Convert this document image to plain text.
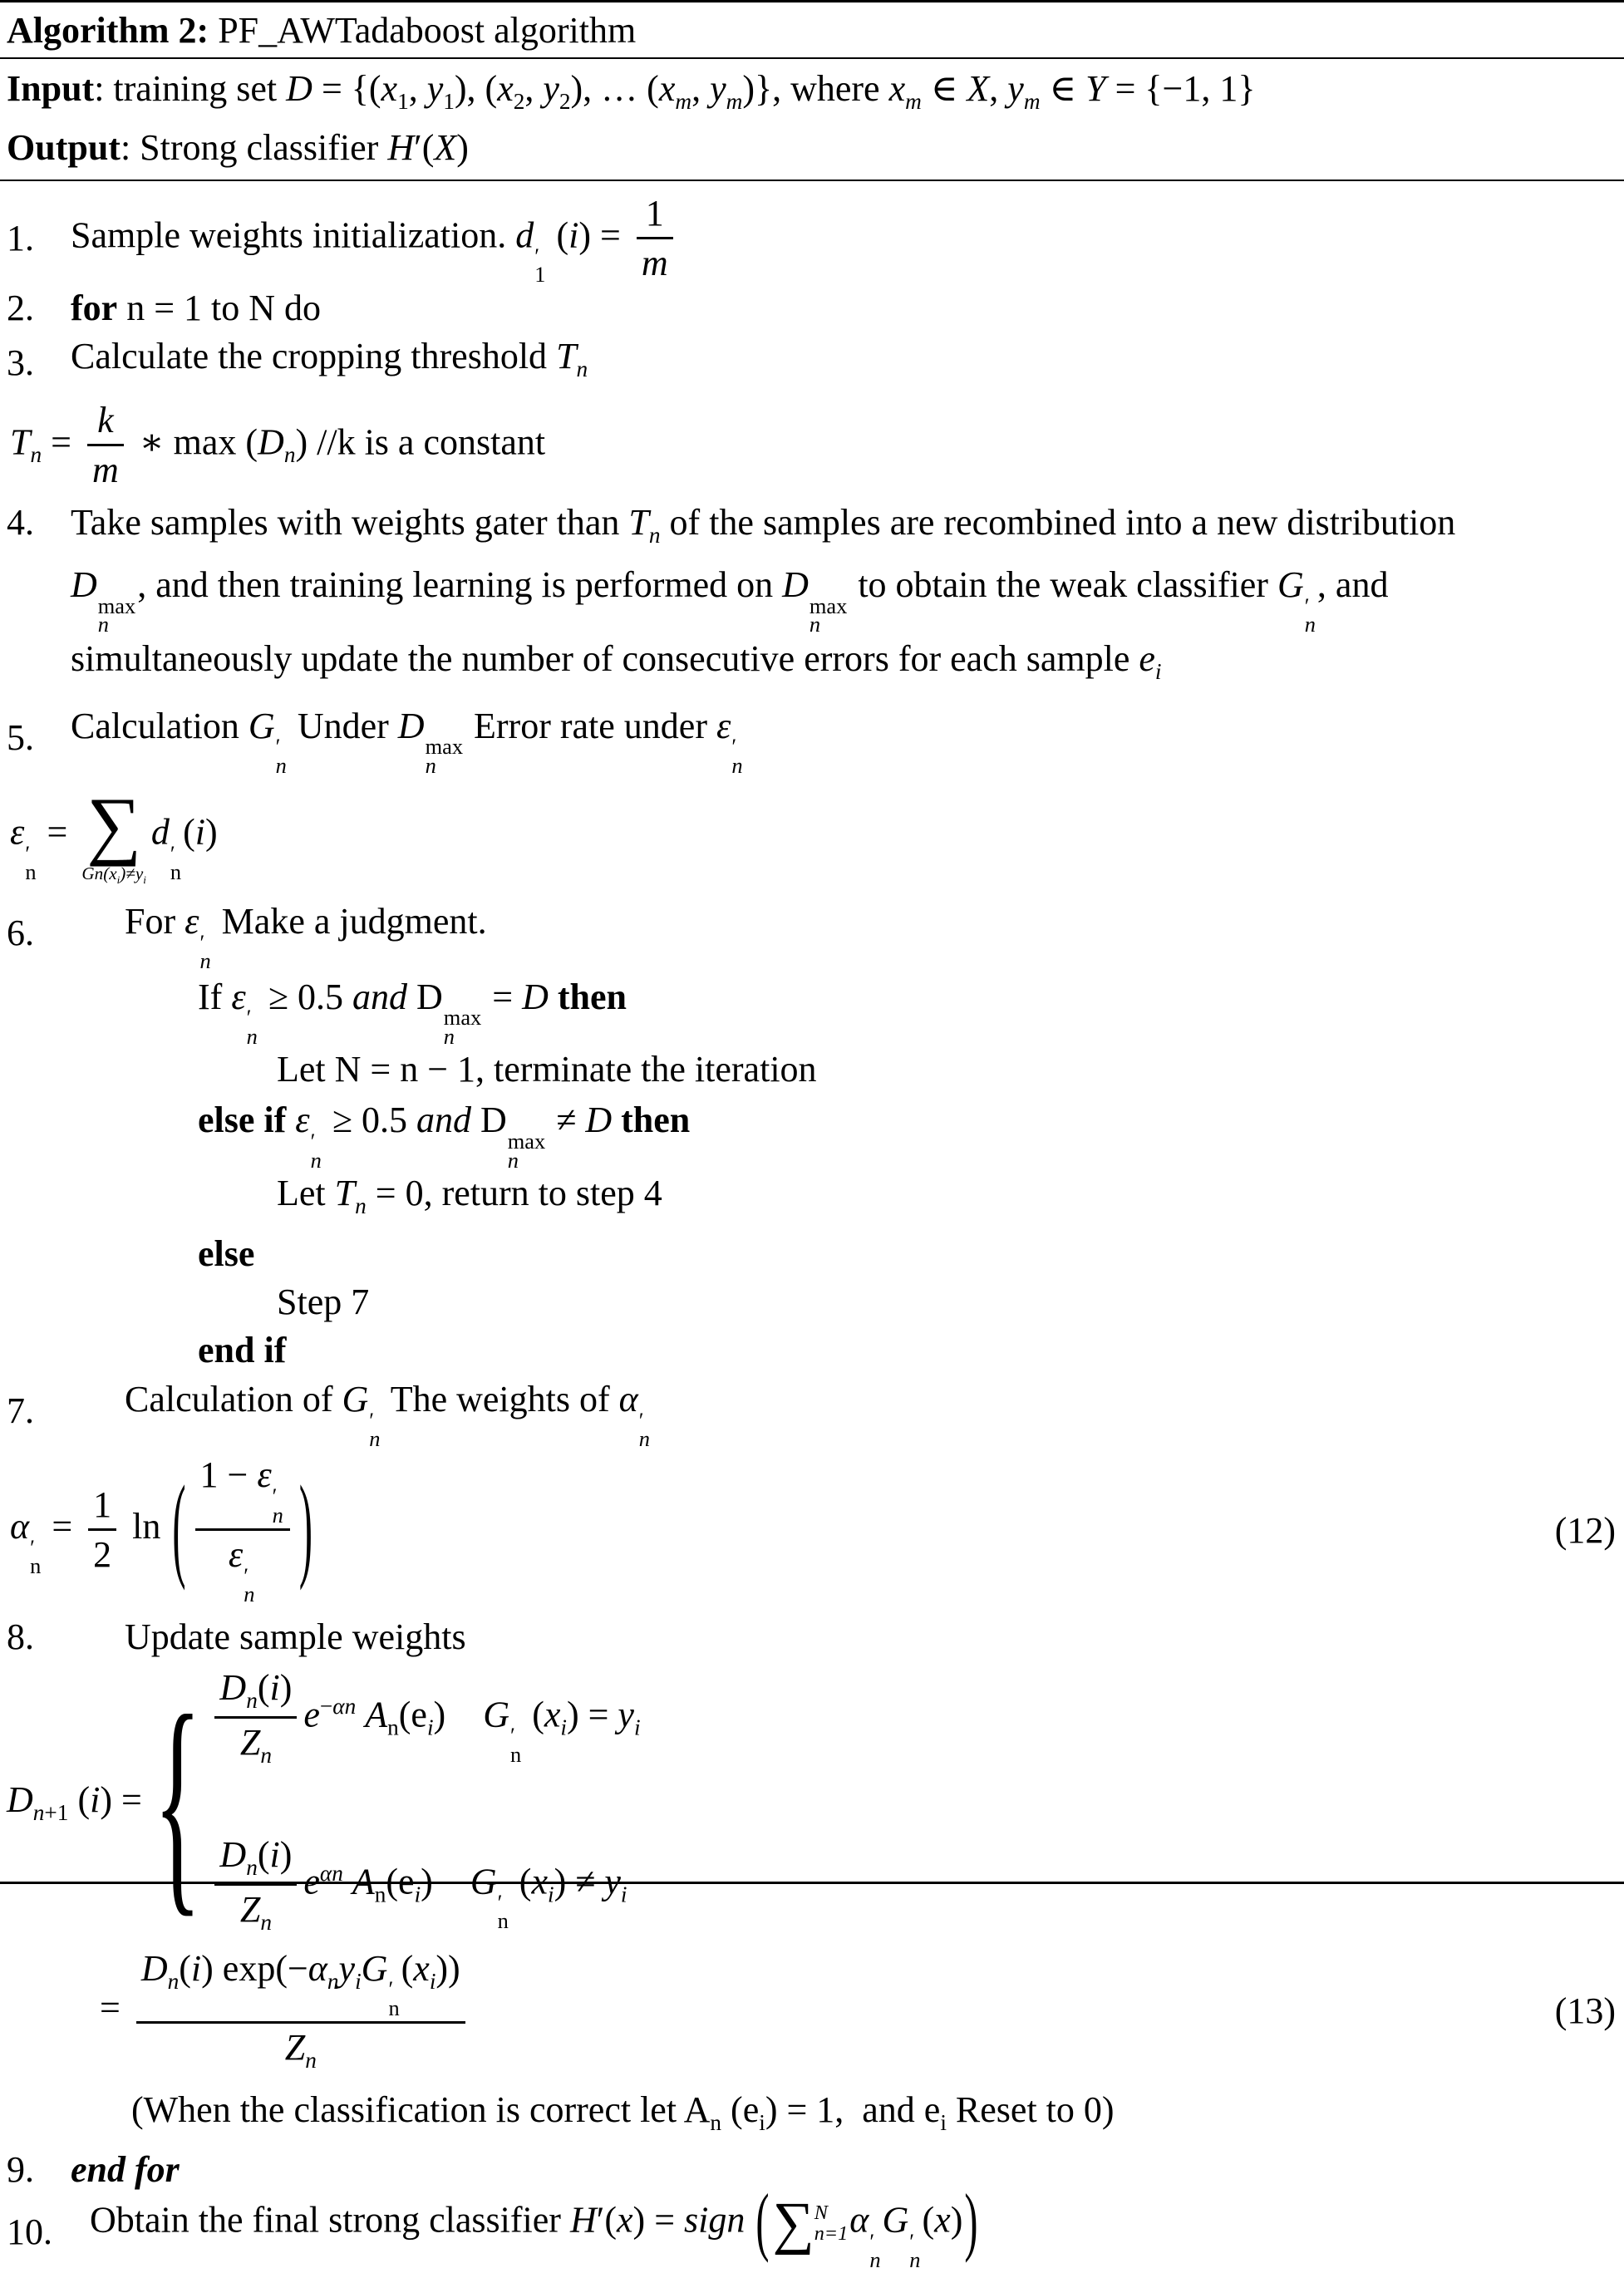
Algorithm 2: PF_AWTadaboost algorithm
Input: training set $D = \{(x_1$, $y_1$), ($x_2$, $y_2$), … ($x_m$, $y_m$)}, where $x_m$ ∈ X, $y_m$ ∈ Y = {−1, 1}
Output: Strong classifier H′(X)
1.	Sample weights initialization. d
′
1
$(i) = \frac{1}{m}$
2.	for n = 1 to N do
3.	Calculate the cropping threshold $T_n$
$T_n = \frac{k}{m}$ ∗ $\max (D_n)$ //k is a constant
4.	Take samples with weights gater than $T_n$ of the samples are recombined into a new distribution
D
max
n
, and then training learning is performed on D
max
n
to obtain the weak classifier G
′
n
, and
simultaneously update the number of consecutive errors for each sample $e_i$
5.	Calculation G
′
n
Under D
max
n
Error rate under ε
′
n
ε
′
n
= ∑
$Gn(x_i)\ne y_i$
d
′
n
(i)
6.	For ε
′
n
Make a judgment.
If ε
′
n
≥ 0.5 and D
max
n
= D then
Let N = n − 1, terminate the iteration
else if ε
′
n
≥ 0.5 and D
max
n
≠ D then
Let $T_n = 0$, return to step 4
else
Step 7
end if
7.	Calculation of G
′
n
The weights of α
′
n
α
′
n
= $\frac{1}{2}$ ln ( 1 − ε
′
n
ε
′
n )	(12)
8.	Update sample weights
$D_{n+1}$ (i) = { $\frac{D_n(i)}{Z_n} e^{-\alpha n}$ $A_n(e_i)$ G
′
n
$(x_i) = y_i$
$\frac{D_n(i)}{Z_n} e^{\alpha n}$ $A_n(e_i)$ G
′
n
$(x_i) \ne y_i$
= $D_n(i)$ $\exp(-\alpha_ny_iG$
′
n
$(x_i)$)
$Z_n$	(13)
(When the classification is correct let $A_n$ $(e_i) = 1$,  and $e_i$ Reset to 0)
9.	end for
10.	Obtain the final strong classifier H′(x) = sign ( ∑ N
n=1 α
′
n
G
′
n
(x))
